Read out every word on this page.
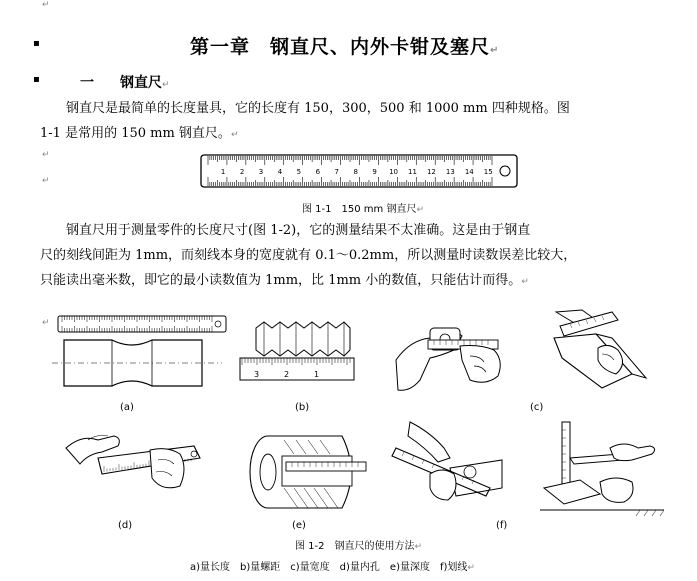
↵
↵
↵
▪
▪
第一章　钢直尺、内外卡钳及塞尺↵
一 钢直尺↵
钢直尺是最简单的长度量具，它的长度有 150，300，500 和 1000 mm 四种规格。图
1-1 是常用的 150 mm 钢直尺。↵
1 2 3 4 5 6 7 8 9 10 11 12 13 14 15
图 1-1　150 mm 钢直尺↵
钢直尺用于测量零件的长度尺寸(图 1-2)，它的测量结果不太准确。这是由于钢直
尺的刻线间距为 1mm，而刻线本身的宽度就有 0.1～0.2mm，所以测量时读数误差比较大，
只能读出毫米数，即它的最小读数值为 1mm，比 1mm 小的数值，只能估计而得。↵
↵
(a)
3	2	1
(b)	(c)
(d)	(e)	(f)
图 1-2　钢直尺的使用方法↵
a)量长度　b)量螺距　c)量宽度　d)量内孔　e)量深度　f)划线↵
